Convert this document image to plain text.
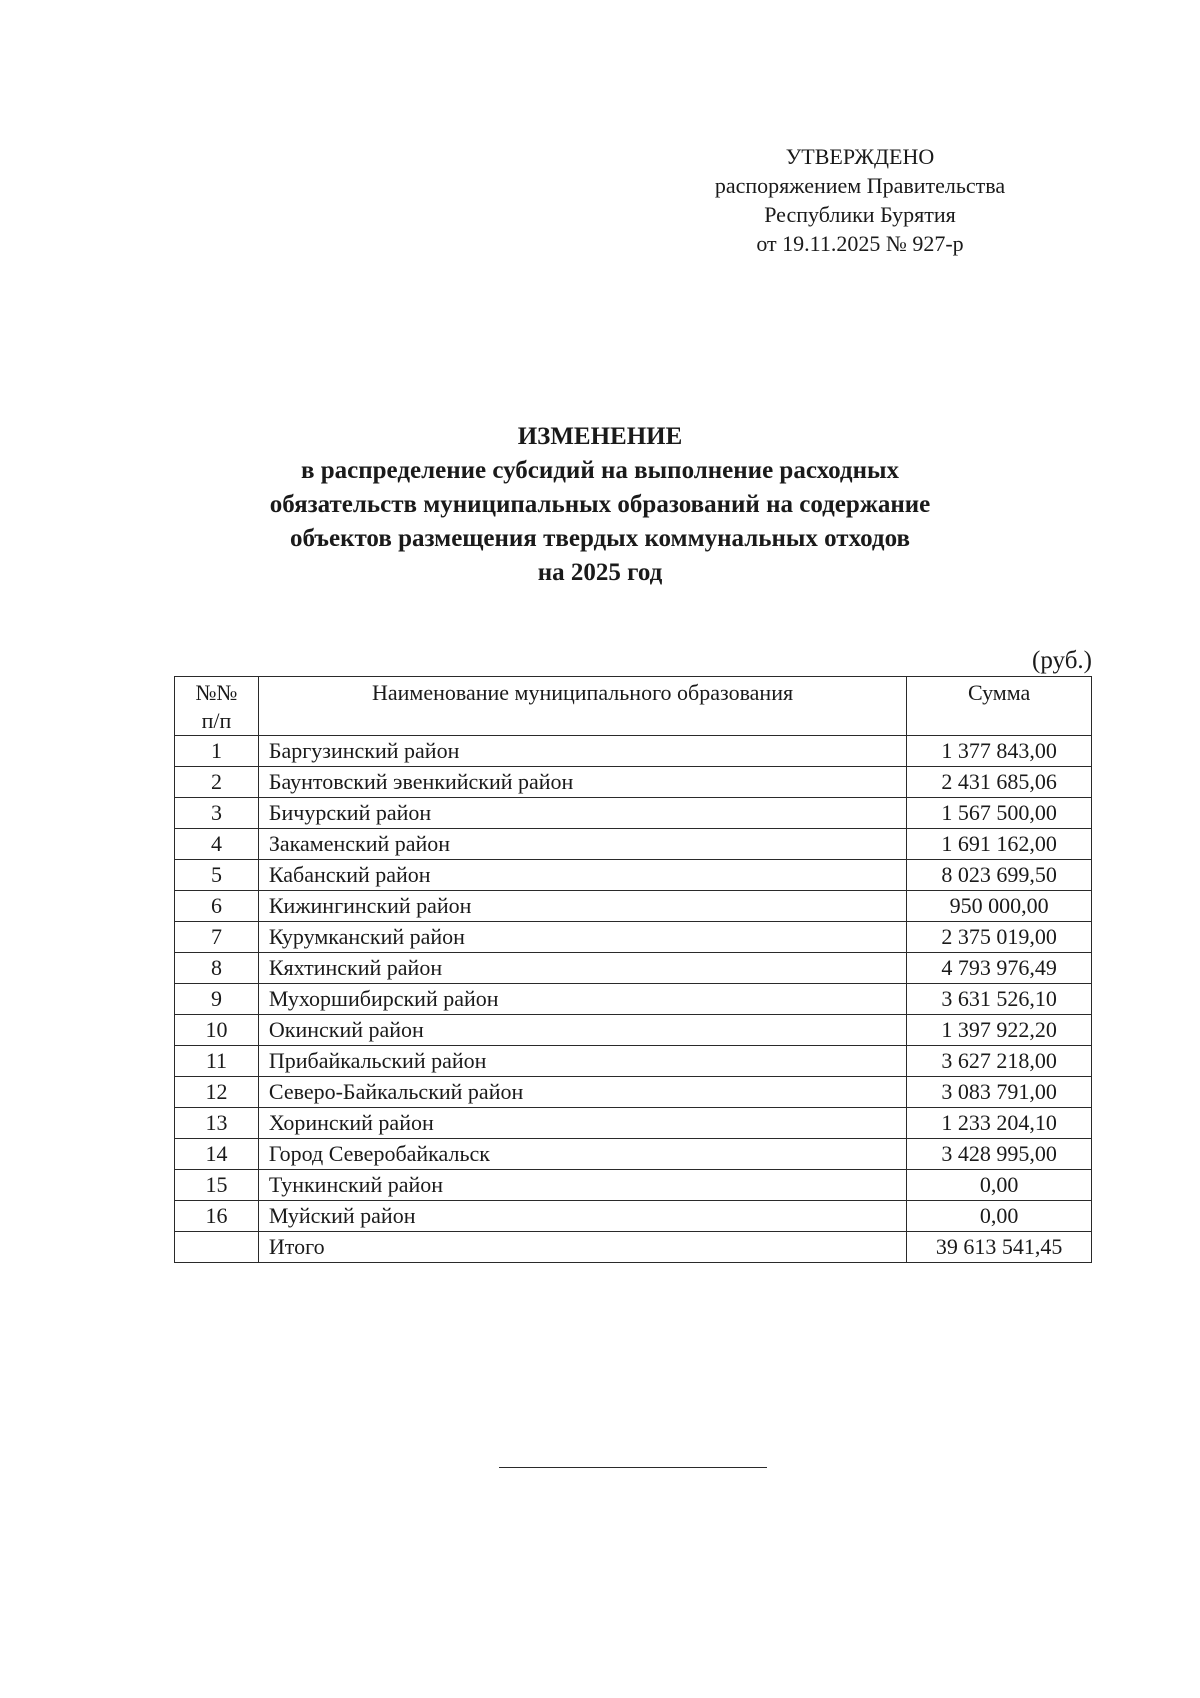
УТВЕРЖДЕНО
распоряжением Правительства
Республики Бурятия
от 19.11.2025 № 927-р
ИЗМЕНЕНИЕ
в распределение субсидий на выполнение расходных
обязательств муниципальных образований на содержание
объектов размещения твердых коммунальных отходов
на 2025 год
(руб.)
№№
п/п	Наименование муниципального образования	Сумма
1	Баргузинский район	1 377 843,00
2	Баунтовский эвенкийский район	2 431 685,06
3	Бичурский район	1 567 500,00
4	Закаменский район	1 691 162,00
5	Кабанский район	8 023 699,50
6	Кижингинский район	950 000,00
7	Курумканский район	2 375 019,00
8	Кяхтинский район	4 793 976,49
9	Мухоршибирский район	3 631 526,10
10	Окинский район	1 397 922,20
11	Прибайкальский район	3 627 218,00
12	Северо-Байкальский район	3 083 791,00
13	Хоринский район	1 233 204,10
14	Город Северобайкальск	3 428 995,00
15	Тункинский район	0,00
16	Муйский район	0,00
	Итого	39 613 541,45
